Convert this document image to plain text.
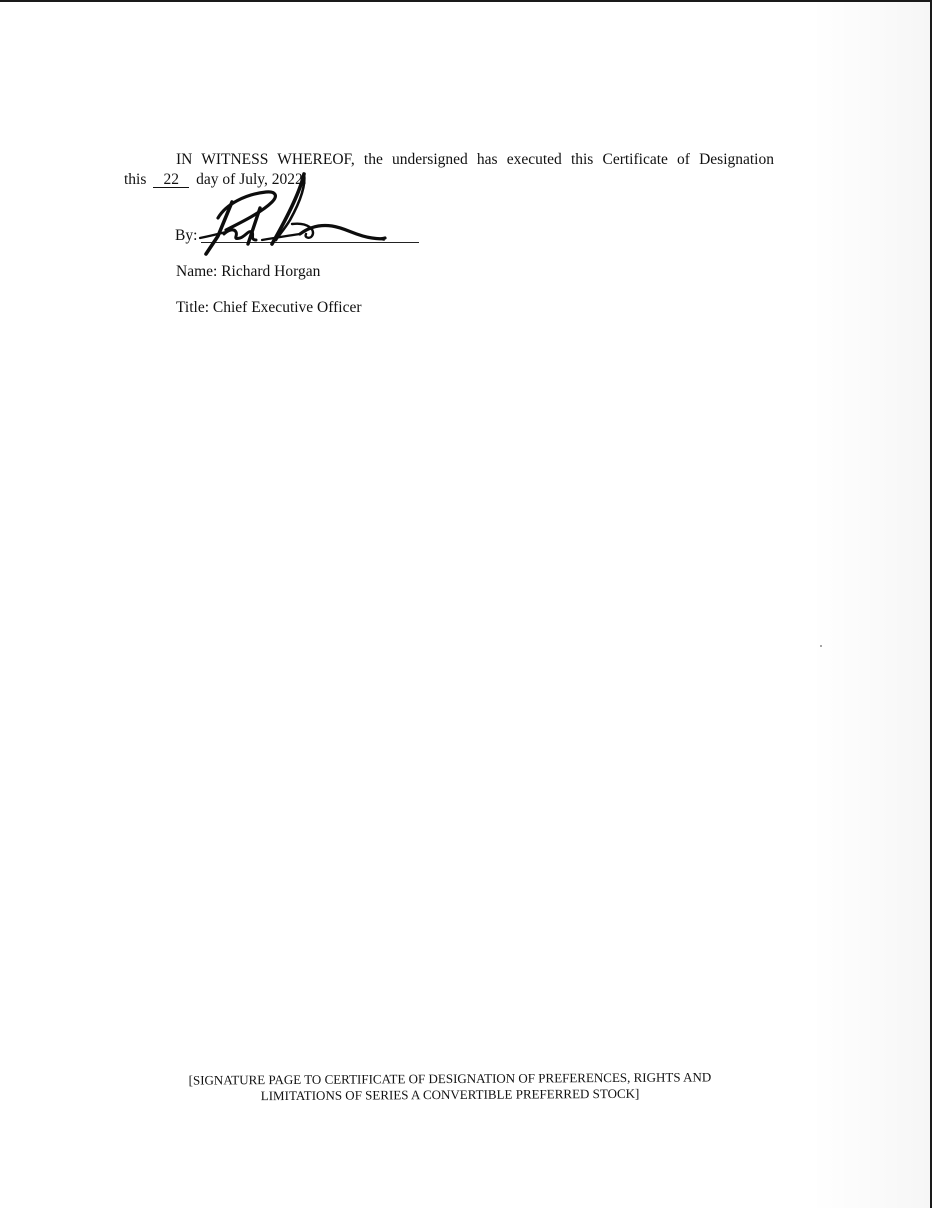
IN WITNESS WHEREOF, the undersigned has executed this Certificate of Designation
this 22 day of July, 2022.
By:
Name: Richard Horgan
Title: Chief Executive Officer
[SIGNATURE PAGE TO CERTIFICATE OF DESIGNATION OF PREFERENCES, RIGHTS AND
LIMITATIONS OF SERIES A CONVERTIBLE PREFERRED STOCK]
